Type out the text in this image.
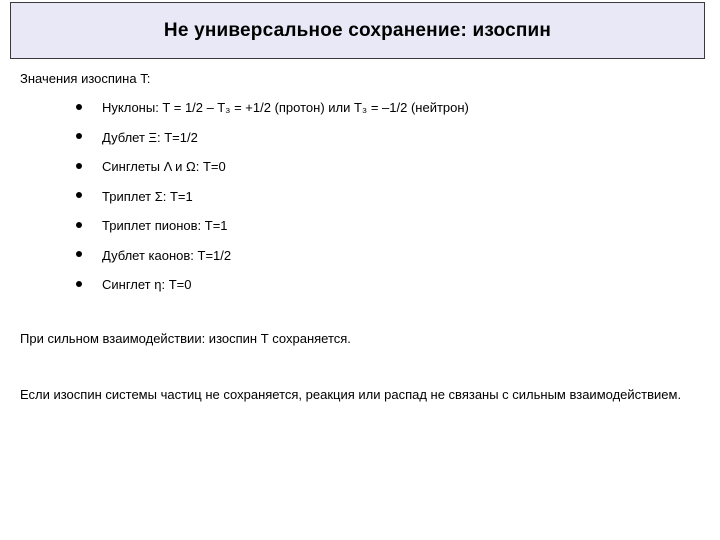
Не универсальное сохранение: изоспин
Значения изоспина T:
Нуклоны: T = 1/2 – T₃ = +1/2 (протон) или T₃ = –1/2 (нейтрон)
Дублет Ξ: T=1/2
Синглеты Λ и Ω: T=0
Триплет Σ: T=1
Триплет пионов: T=1
Дублет каонов: T=1/2
Синглет η: T=0
При сильном взаимодействии: изоспин Т сохраняется.
Если изоспин системы частиц не сохраняется, реакция или распад не связаны с сильным взаимодействием.
